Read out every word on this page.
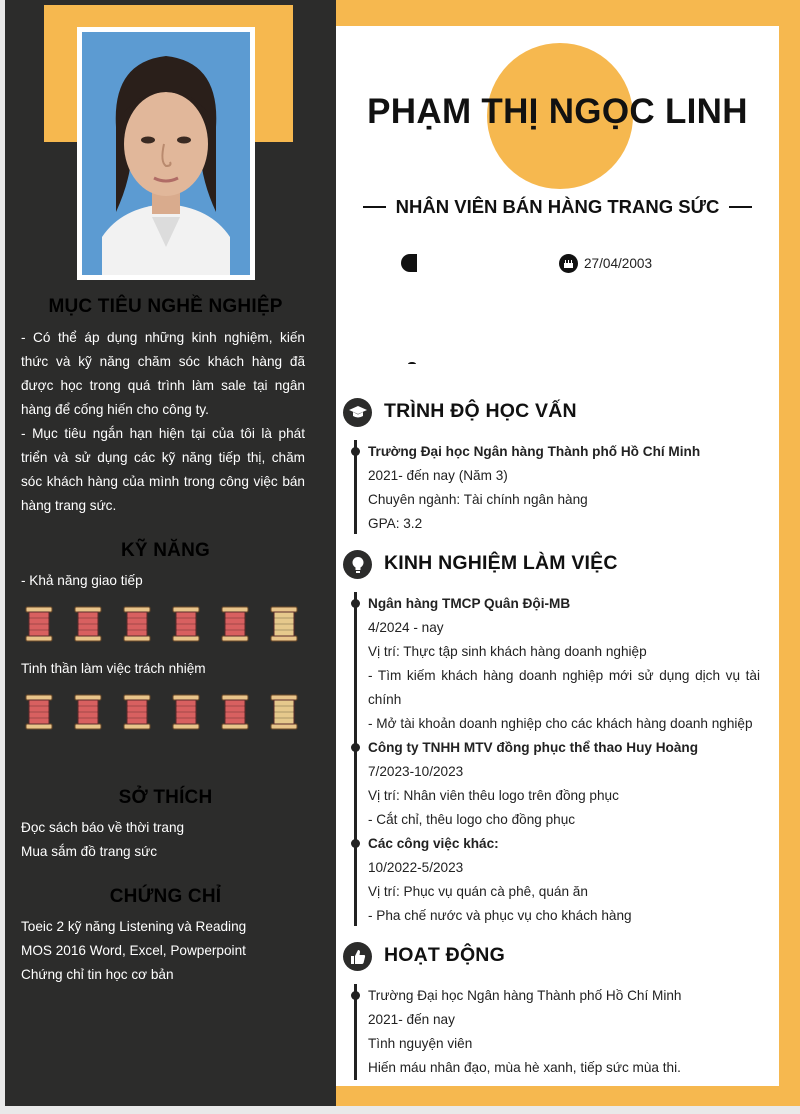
MỤC TIÊU NGHỀ NGHIỆP

- Có thể áp dụng những kinh nghiệm, kiến thức và kỹ năng chăm sóc khách hàng đã được học trong quá trình làm sale tại ngân hàng để cống hiến cho công ty.

- Mục tiêu ngắn hạn hiện tại của tôi là phát triển và sử dụng các kỹ năng tiếp thị, chăm sóc khách hàng của mình trong công việc bán hàng trang sức.

KỸ NĂNG
- Khả năng giao tiếp
Tinh thần làm việc trách nhiệm
SỞ THÍCH

Đọc sách báo về thời trang

Mua sắm đồ trang sức

CHỨNG CHỈ

Toeic 2 kỹ năng Listening và Reading

MOS 2016 Word, Excel, Powperpoint

Chứng chỉ tin học cơ bản

PHẠM THỊ NGỌC LINH
NHÂN VIÊN BÁN HÀNG TRANG SỨC
27/04/2003
TRÌNH ĐỘ HỌC VẤN

Trường Đại học Ngân hàng Thành phố Hồ Chí Minh

2021- đến nay (Năm 3)

Chuyên ngành: Tài chính ngân hàng

GPA: 3.2

KINH NGHIỆM LÀM VIỆC

Ngân hàng TMCP Quân Đội-MB

4/2024 - nay

Vị trí: Thực tập sinh khách hàng doanh nghiệp

- Tìm kiếm khách hàng doanh nghiệp mới sử dụng dịch vụ tài chính

- Mở tài khoản doanh nghiệp cho các khách hàng doanh nghiệp

Công ty TNHH MTV đồng phục thể thao Huy Hoàng

7/2023-10/2023

Vị trí: Nhân viên thêu logo trên đồng phục

- Cắt chỉ, thêu logo cho đồng phục

Các công việc khác:

10/2022-5/2023

Vị trí: Phục vụ quán cà phê, quán ăn

- Pha chế nước và phục vụ cho khách hàng

HOẠT ĐỘNG

Trường Đại học Ngân hàng Thành phố Hồ Chí Minh

2021- đến nay

Tình nguyện viên

Hiến máu nhân đạo, mùa hè xanh, tiếp sức mùa thi.
